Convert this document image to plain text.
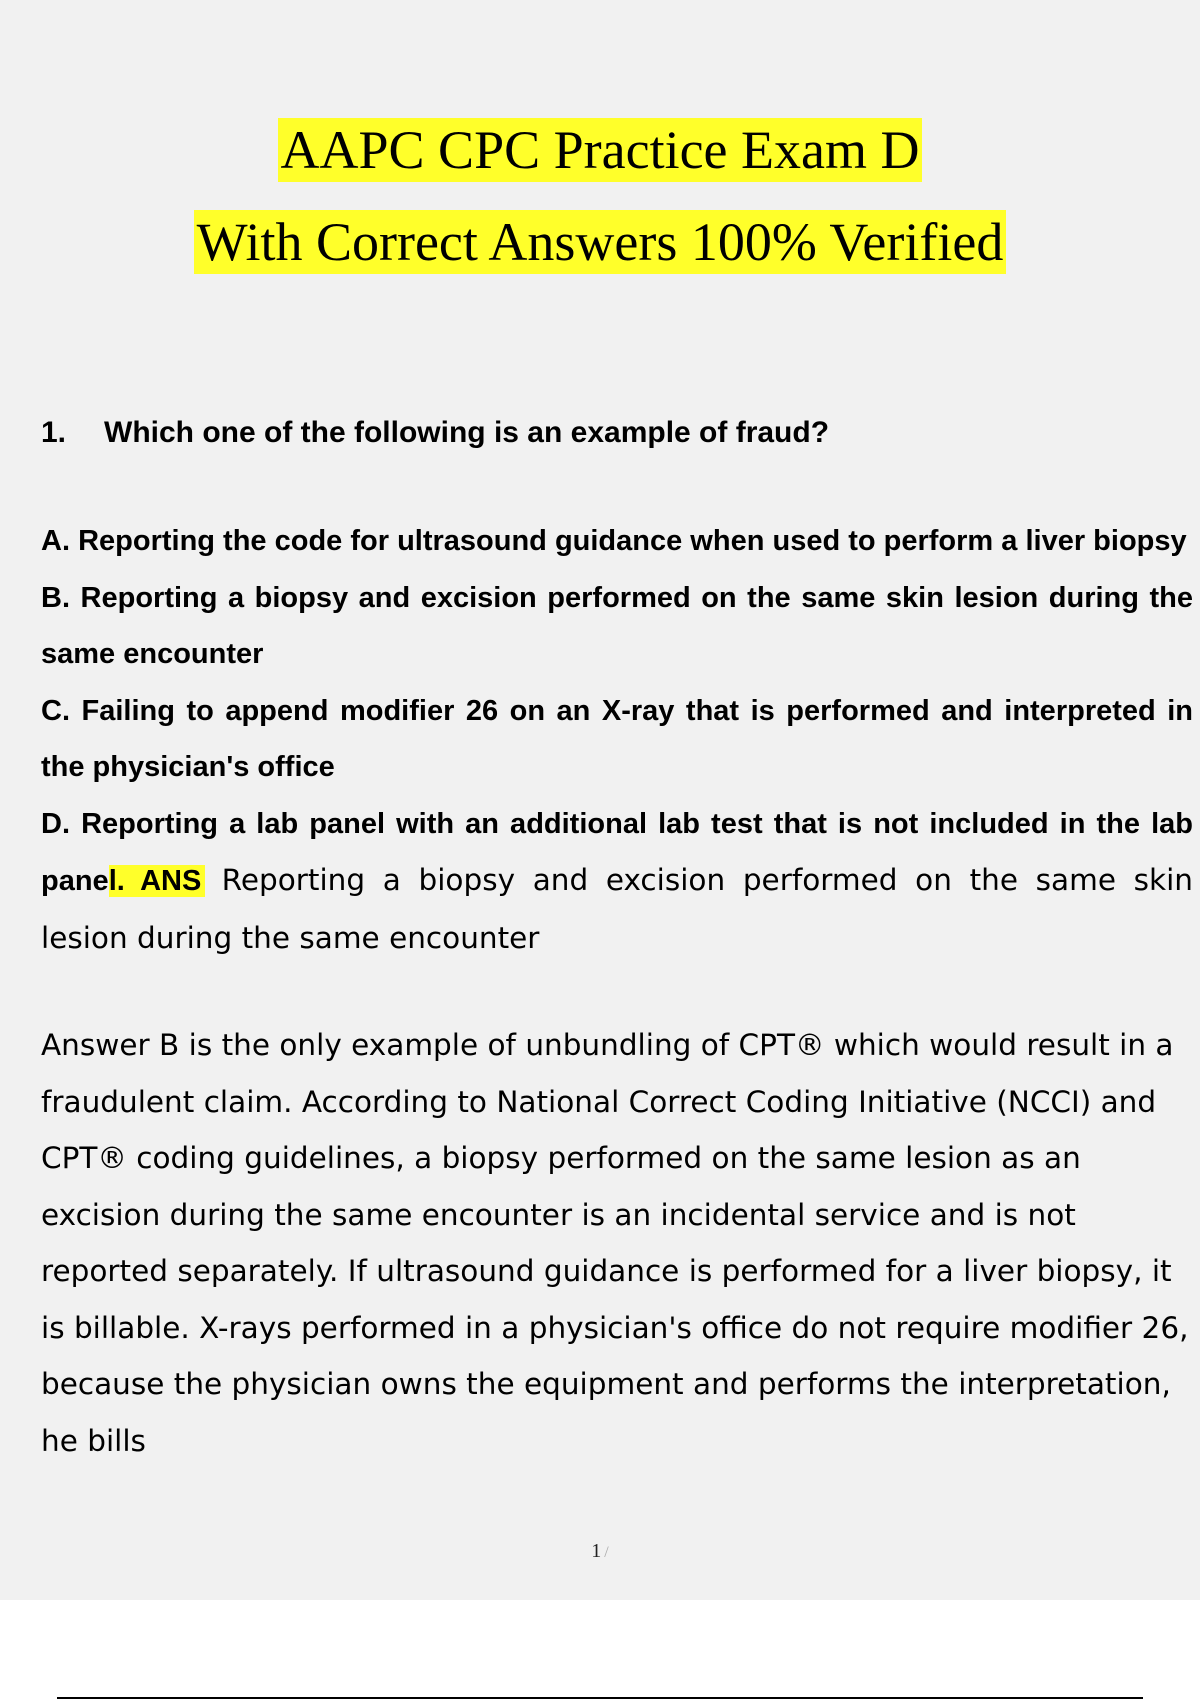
AAPC CPC Practice Exam D
With Correct Answers 100% Verified
1.	Which one of the following is an example of fraud?
A. Reporting the code for ultrasound guidance when used to perform a liver biopsy
B. Reporting a biopsy and excision performed on the same skin lesion during the same encounter
C. Failing to append modifier 26 on an X-ray that is performed and interpreted in the physician's office
D. Reporting a lab panel with an additional lab test that is not included in the lab panel. ANS Reporting a biopsy and excision performed on the same skin lesion during the same encounter
Answer B is the only example of unbundling of CPT® which would result in a fraudulent claim. According to National Correct Coding Initiative (NCCI) and CPT® coding guidelines, a biopsy performed on the same lesion as an excision during the same encounter is an incidental service and is not reported separately. If ultrasound guidance is performed for a liver biopsy, it is billable. X-rays performed in a physician's office do not require modifier 26, because the physician owns the equipment and performs the interpretation, he bills
1 /
